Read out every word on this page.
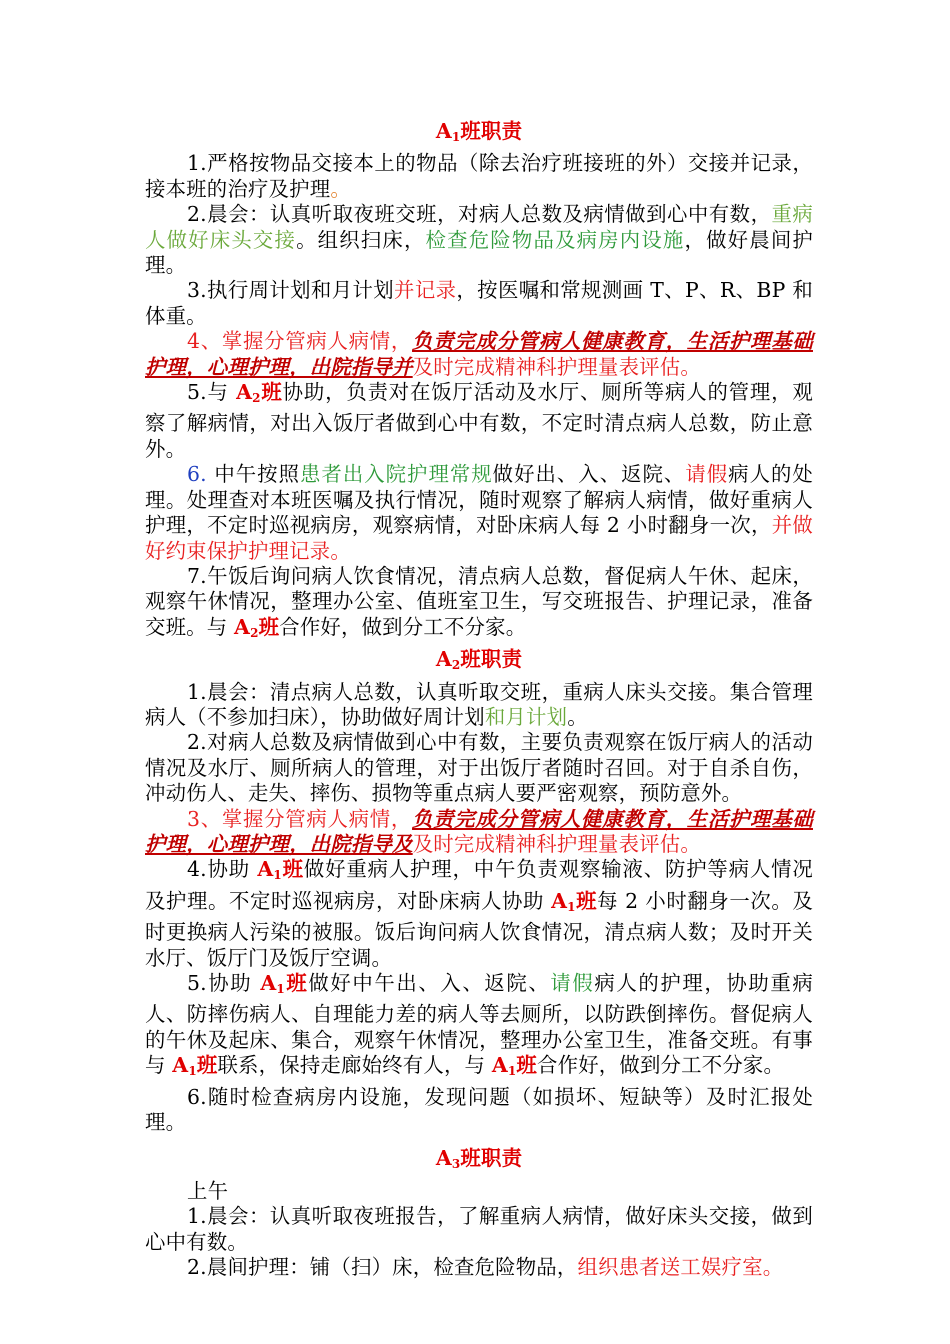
$A_1$班职责

1.严格按物品交接本上的物品（除去治疗班接班的外）交接并记录，接本班的治疗及护理。

2.晨会：认真听取夜班交班，对病人总数及病情做到心中有数，重病人做好床头交接。组织扫床，检查危险物品及病房内设施，做好晨间护理。

3.执行周计划和月计划并记录，按医嘱和常规测画 T、P、R、BP 和体重。

4、掌握分管病人病情，负责完成分管病人健康教育，生活护理基础护理，心理护理，出院指导并及时完成精神科护理量表评估。

5.与 $A_2$班协助，负责对在饭厅活动及水厅、厕所等病人的管理，观察了解病情，对出入饭厅者做到心中有数，不定时清点病人总数，防止意外。

6. 中午按照患者出入院护理常规做好出、入、返院、请假病人的处理。处理查对本班医嘱及执行情况，随时观察了解病人病情，做好重病人护理，不定时巡视病房，观察病情，对卧床病人每 2 小时翻身一次，并做好约束保护护理记录。

7.午饭后询问病人饮食情况，清点病人总数，督促病人午休、起床，观察午休情况，整理办公室、值班室卫生，写交班报告、护理记录，准备交班。与 $A_2$班合作好，做到分工不分家。

$A_2$班职责

1.晨会：清点病人总数，认真听取交班，重病人床头交接。集合管理病人（不参加扫床），协助做好周计划和月计划。

2.对病人总数及病情做到心中有数，主要负责观察在饭厅病人的活动情况及水厅、厕所病人的管理，对于出饭厅者随时召回。对于自杀自伤，冲动伤人、走失、摔伤、损物等重点病人要严密观察，预防意外。

3、掌握分管病人病情，负责完成分管病人健康教育，生活护理基础护理，心理护理，出院指导及及时完成精神科护理量表评估。

4.协助 $A_1$班做好重病人护理，中午负责观察输液、防护等病人情况及护理。不定时巡视病房，对卧床病人协助 $A_1$班每 2 小时翻身一次。及时更换病人污染的被服。饭后询问病人饮食情况，清点病人数；及时开关水厅、饭厅门及饭厅空调。

5.协助 $A_1$班做好中午出、入、返院、请假病人的护理，协助重病人、防摔伤病人、自理能力差的病人等去厕所，以防跌倒摔伤。督促病人的午休及起床、集合，观察午休情况，整理办公室卫生，准备交班。有事与 $A_1$班联系，保持走廊始终有人，与 $A_1$班合作好，做到分工不分家。

6.随时检查病房内设施，发现问题（如损坏、短缺等）及时汇报处理。

$A_3$班职责

上午

1.晨会：认真听取夜班报告，了解重病人病情，做好床头交接，做到心中有数。

2.晨间护理：铺（扫）床，检查危险物品，组织患者送工娱疗室。
